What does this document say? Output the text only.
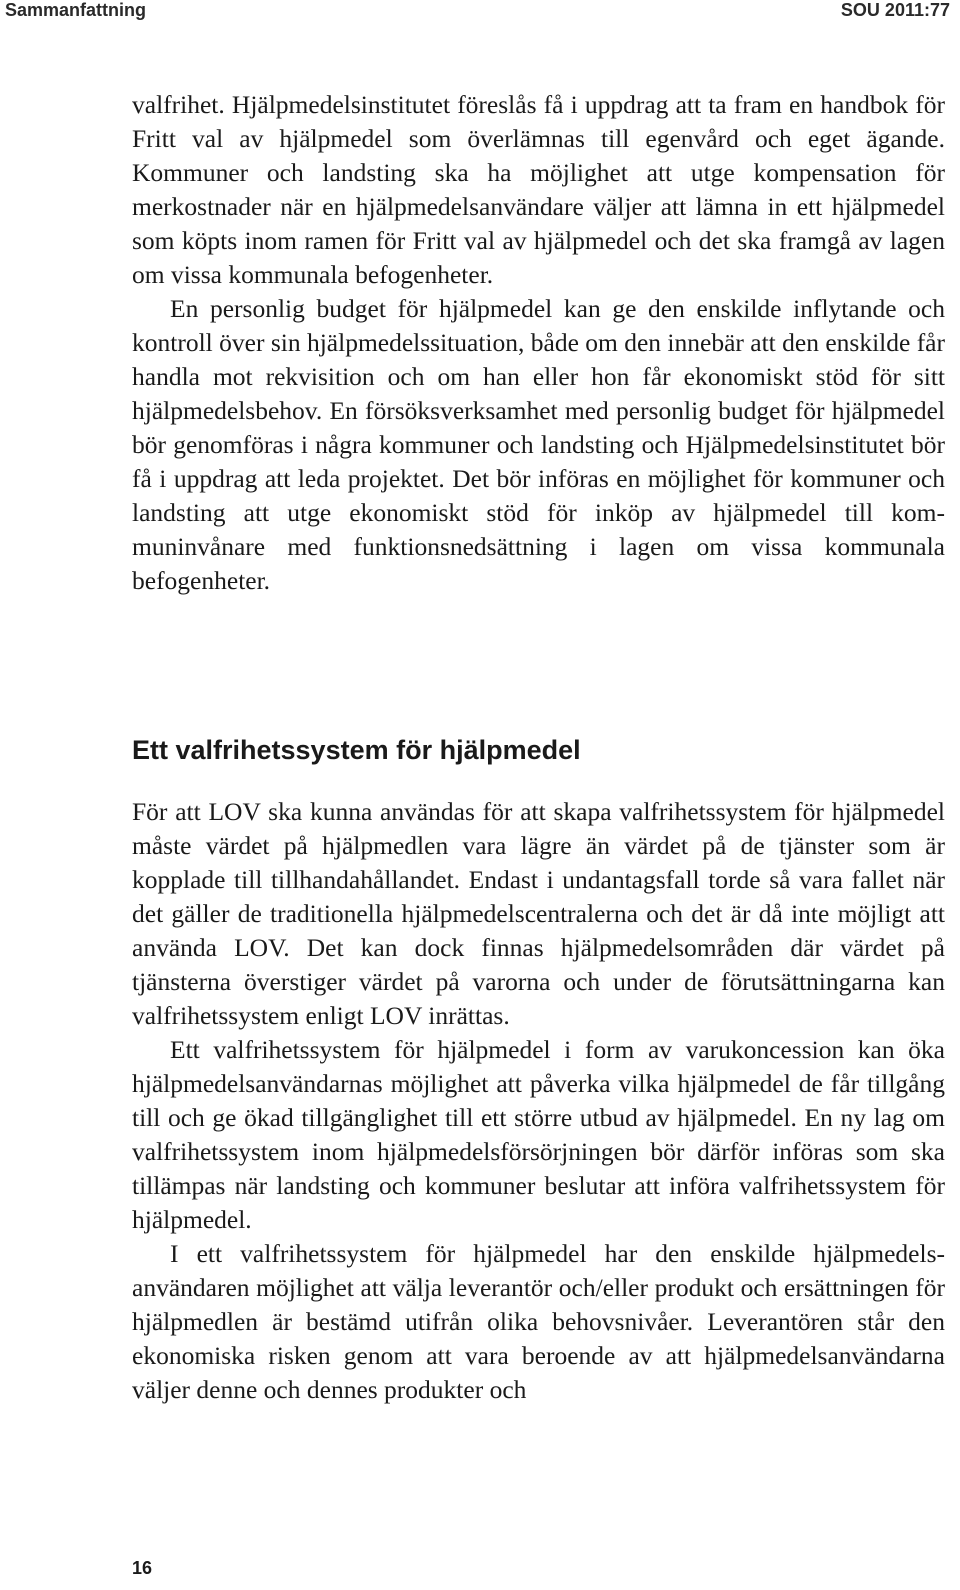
Sammanfattning	SOU 2011:77

valfrihet. Hjälpmedelsinstitutet föreslås få i uppdrag att ta fram en handbok för Fritt val av hjälpmedel som överlämnas till egenvård och eget ägande. Kommuner och landsting ska ha möjlighet att utge kompensation för merkostnader när en hjälpmedelsanvändare väljer att lämna in ett hjälpmedel som köpts inom ramen för Fritt val av hjälpmedel och det ska framgå av lagen om vissa kommunala befogenheter.

En personlig budget för hjälpmedel kan ge den enskilde inflytande och kontroll över sin hjälpmedelssituation, både om den innebär att den enskilde får handla mot rekvisition och om han eller hon får ekonomiskt stöd för sitt hjälpmedelsbehov. En försöksverksamhet med personlig budget för hjälpmedel bör genomföras i några kommuner och landsting och Hjälpmedelsinstitutet bör få i uppdrag att leda projektet. Det bör införas en möjlighet för kommuner och landsting att utge ekonomiskt stöd för inköp av hjälpmedel till kommuninvånare med funktionsnedsättning i lagen om vissa kommunala befogenheter.

Ett valfrihetssystem för hjälpmedel

För att LOV ska kunna användas för att skapa valfrihetssystem för hjälpmedel måste värdet på hjälpmedlen vara lägre än värdet på de tjänster som är kopplade till tillhandahållandet. Endast i undantagsfall torde så vara fallet när det gäller de traditionella hjälpmedelscentralerna och det är då inte möjligt att använda LOV. Det kan dock finnas hjälpmedelsområden där värdet på tjänsterna överstiger värdet på varorna och under de förutsättningarna kan valfrihetssystem enligt LOV inrättas.

Ett valfrihetssystem för hjälpmedel i form av varukoncession kan öka hjälpmedelsanvändarnas möjlighet att påverka vilka hjälpmedel de får tillgång till och ge ökad tillgänglighet till ett större utbud av hjälpmedel. En ny lag om valfrihetssystem inom hjälpmedelsförsörjningen bör därför införas som ska tillämpas när landsting och kommuner beslutar att införa valfrihetssystem för hjälpmedel.

I ett valfrihetssystem för hjälpmedel har den enskilde hjälpmedelsanvändaren möjlighet att välja leverantör och/eller produkt och ersättningen för hjälpmedlen är bestämd utifrån olika behovsnivåer. Leverantören står den ekonomiska risken genom att vara beroende av att hjälpmedelsanvändarna väljer denne och dennes produkter och

16
